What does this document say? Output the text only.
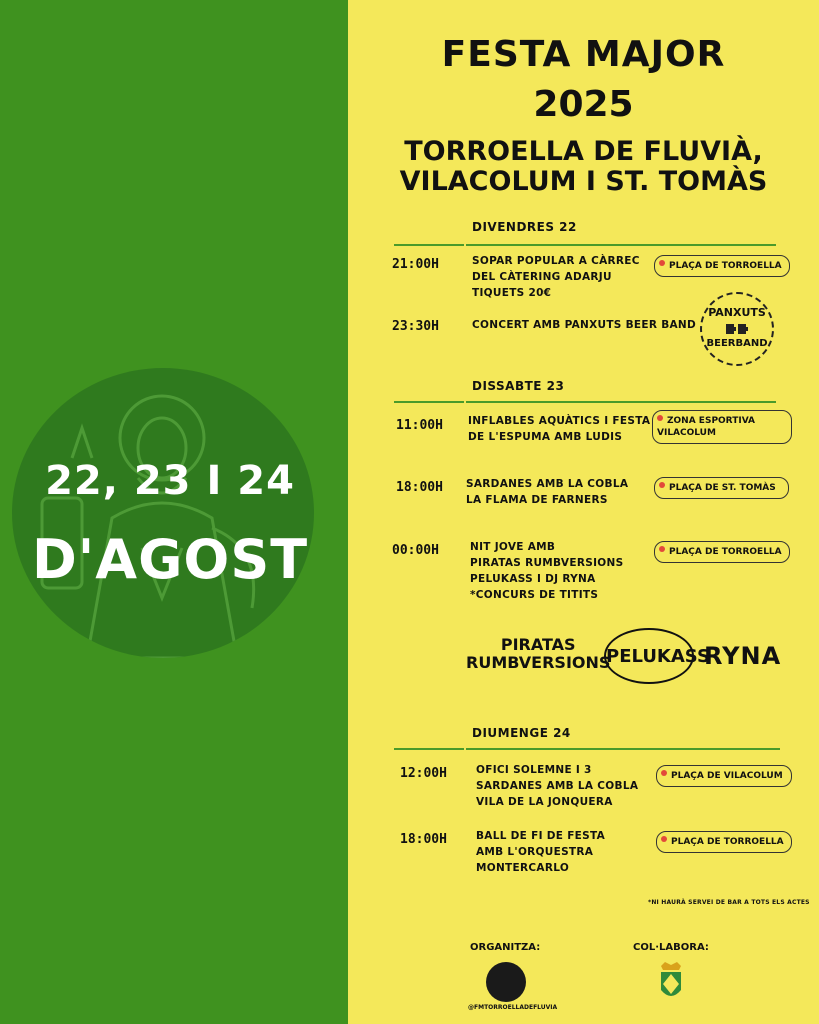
22, 23 I 24
D'AGOST
FESTA MAJOR
2025
TORROELLA DE FLUVIÀ,
VILACOLUM I ST. TOMÀS
DIVENDRES 22
21:00H	SOPAR POPULAR A CÀRREC
DEL CÀTERING ADARJU
TIQUETS 20€
PLAÇA DE TORROELLA
23:30H	CONCERT AMB PANXUTS BEER BAND
PANXUTS
BEERBAND
DISSABTE 23
11:00H INFLABLES AQUÀTICS I FESTA
DE L'ESPUMA AMB LUDIS
ZONA ESPORTIVA
VILACOLUM
18:00H SARDANES AMB LA COBLA
LA FLAMA DE FARNERS
PLAÇA DE ST. TOMÀS
00:00H	NIT JOVE AMB
PIRATAS RUMBVERSIONS
PELUKASS I DJ RYNA
*CONCURS DE TITITS
PLAÇA DE TORROELLA
PIRATAS
RUMBVERSIONS
PELUKASS
RYNA
DIUMENGE 24
12:00H	OFICI SOLEMNE I 3
SARDANES AMB LA COBLA
VILA DE LA JONQUERA
PLAÇA DE VILACOLUM
18:00H	BALL DE FI DE FESTA
AMB L'ORQUESTRA
MONTERCARLO
PLAÇA DE TORROELLA
*NI HAURÀ SERVEI DE BAR A TOTS ELS ACTES
ORGANITZA:
@FMTORROELLADEFLUVIA
COL·LABORA:
